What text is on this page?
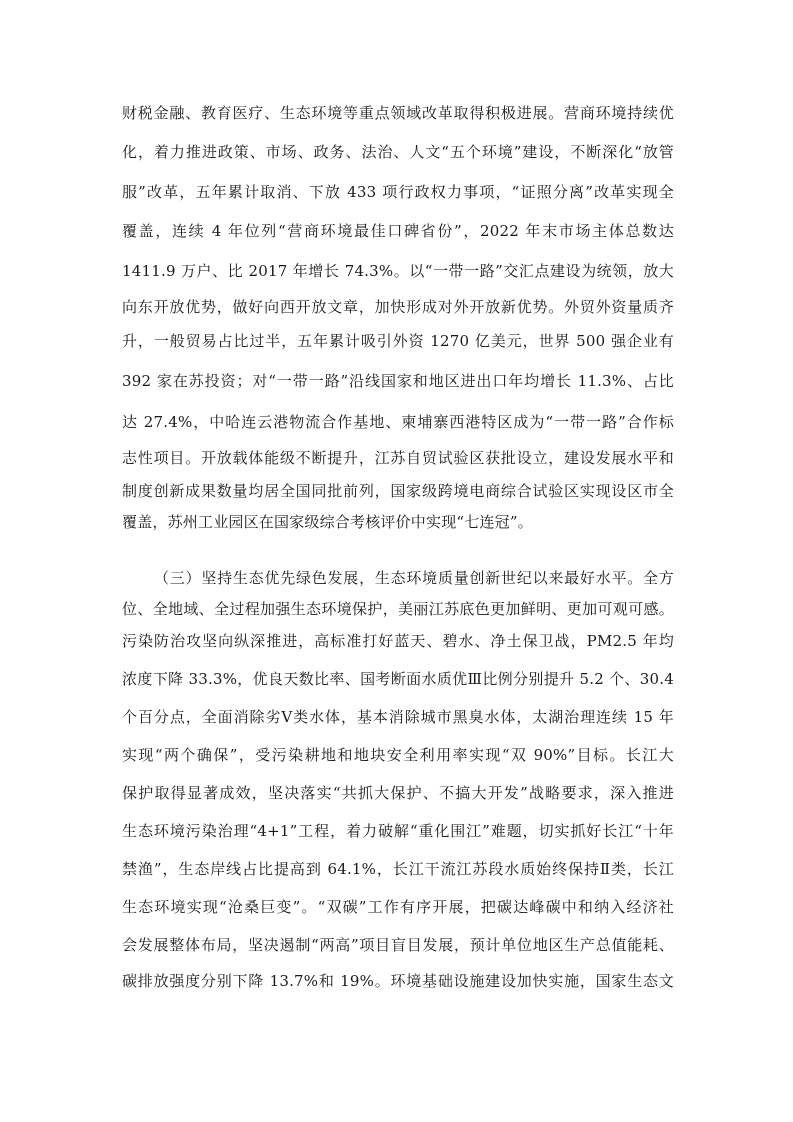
财税金融、教育医疗、生态环境等重点领域改革取得积极进展。营商环境持续优
化，着力推进政策、市场、政务、法治、人文“五个环境”建设，不断深化“放管
服”改革，五年累计取消、下放 433 项行政权力事项，“证照分离”改革实现全
覆盖，连续 4 年位列“营商环境最佳口碑省份”，2022 年末市场主体总数达
1411.9 万户、比 2017 年增长 74.3%。以“一带一路”交汇点建设为统领，放大
向东开放优势，做好向西开放文章，加快形成对外开放新优势。外贸外资量质齐
升，一般贸易占比过半，五年累计吸引外资 1270 亿美元，世界 500 强企业有
392 家在苏投资；对“一带一路”沿线国家和地区进出口年均增长 11.3%、占比
达 27.4%，中哈连云港物流合作基地、柬埔寨西港特区成为“一带一路”合作标
志性项目。开放载体能级不断提升，江苏自贸试验区获批设立，建设发展水平和
制度创新成果数量均居全国同批前列，国家级跨境电商综合试验区实现设区市全
覆盖，苏州工业园区在国家级综合考核评价中实现“七连冠”。
（三）坚持生态优先绿色发展，生态环境质量创新世纪以来最好水平。全方
位、全地域、全过程加强生态环境保护，美丽江苏底色更加鲜明、更加可观可感。
污染防治攻坚向纵深推进，高标准打好蓝天、碧水、净土保卫战，PM2.5 年均
浓度下降 33.3%，优良天数比率、国考断面水质优Ⅲ比例分别提升 5.2 个、30.4
个百分点，全面消除劣Ⅴ类水体，基本消除城市黑臭水体，太湖治理连续 15 年
实现“两个确保”，受污染耕地和地块安全利用率实现“双 90%”目标。长江大
保护取得显著成效，坚决落实“共抓大保护、不搞大开发”战略要求，深入推进
生态环境污染治理“4+1”工程，着力破解“重化围江”难题，切实抓好长江“十年
禁渔”，生态岸线占比提高到 64.1%，长江干流江苏段水质始终保持Ⅱ类，长江
生态环境实现“沧桑巨变”。“双碳”工作有序开展，把碳达峰碳中和纳入经济社
会发展整体布局，坚决遏制“两高”项目盲目发展，预计单位地区生产总值能耗、
碳排放强度分别下降 13.7%和 19%。环境基础设施建设加快实施，国家生态文
